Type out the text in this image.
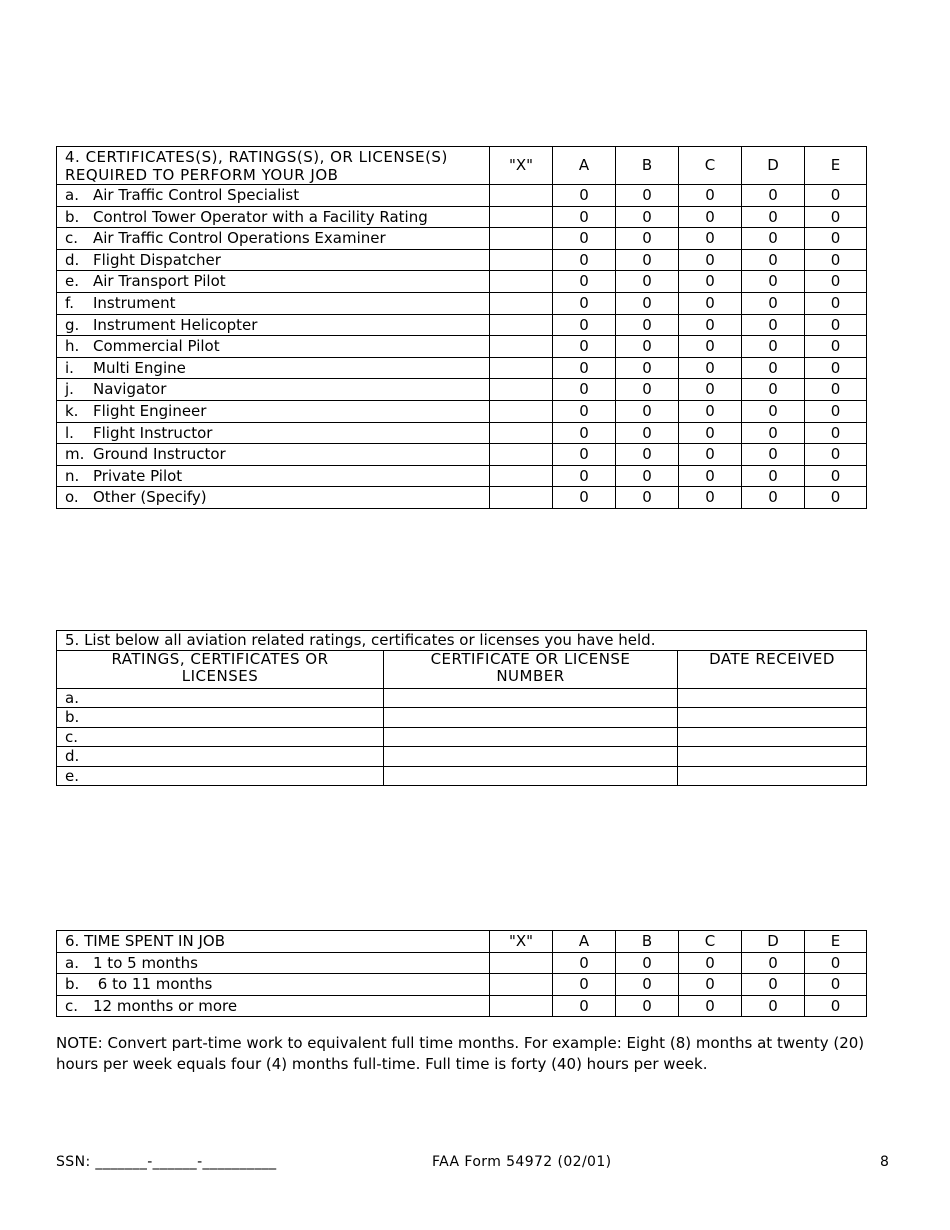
4. CERTIFICATES(S), RATINGS(S), OR LICENSE(S)
REQUIRED TO PERFORM YOUR JOB	"X"	A	B	C	D	E
a. Air Traffic Control Specialist		0	0	0	0	0
b. Control Tower Operator with a Facility Rating		0	0	0	0	0
c. Air Traffic Control Operations Examiner		0	0	0	0	0
d. Flight Dispatcher		0	0	0	0	0
e. Air Transport Pilot		0	0	0	0	0
f. Instrument		0	0	0	0	0
g. Instrument Helicopter		0	0	0	0	0
h. Commercial Pilot		0	0	0	0	0
i. Multi Engine		0	0	0	0	0
j. Navigator		0	0	0	0	0
k. Flight Engineer		0	0	0	0	0
l. Flight Instructor		0	0	0	0	0
m. Ground Instructor		0	0	0	0	0
n. Private Pilot		0	0	0	0	0
o. Other (Specify)		0	0	0	0	0
5. List below all aviation related ratings, certificates or licenses you have held.		
RATINGS, CERTIFICATES OR LICENSES	CERTIFICATE OR LICENSE NUMBER	DATE RECEIVED
a.		
b.		
c.		
d.		
e.		
6. TIME SPENT IN JOB	"X"	A	B	C	D	E
a. 1 to 5 months		0	0	0	0	0
b. 6 to 11 months		0	0	0	0	0
c. 12 months or more		0	0	0	0	0
NOTE: Convert part-time work to equivalent full time months. For example: Eight (8) months at twenty (20) hours per week equals four (4) months full-time. Full time is forty (40) hours per week.
SSN: _______-______-__________	FAA Form 54972 (02/01)	8
